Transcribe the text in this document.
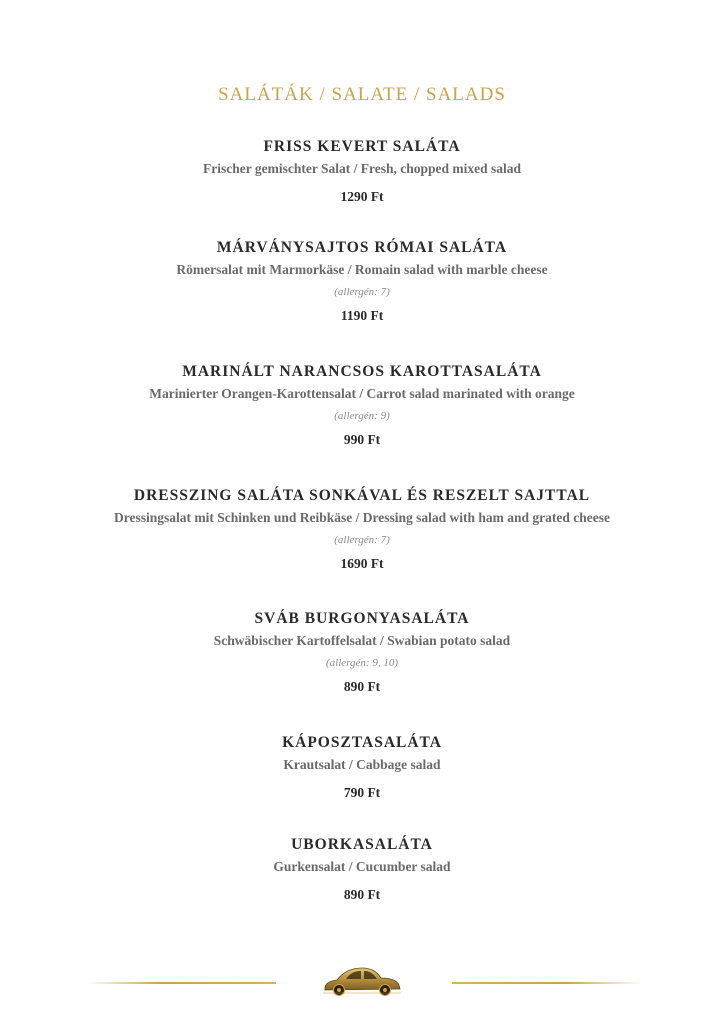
SALÁTÁK / SALATE / SALADS
FRISS KEVERT SALÁTA
Frischer gemischter Salat / Fresh, chopped mixed salad
1290 Ft
MÁRVÁNYSAJTOS RÓMAI SALÁTA
Römersalat mit Marmorkäse / Romain salad with marble cheese
(allergén: 7)
1190 Ft
MARINÁLT NARANCSOS KAROTTASALÁTA
Marinierter Orangen-Karottensalat / Carrot salad marinated with orange
(allergén: 9)
990 Ft
DRESSZING SALÁTA SONKÁVAL ÉS RESZELT SAJTTAL
Dressingsalat mit Schinken und Reibkäse / Dressing salad with ham and grated cheese
(allergén: 7)
1690 Ft
SVÁB BURGONYASALÁTA
Schwäbischer Kartoffelsalat / Swabian potato salad
(allergén: 9, 10)
890 Ft
KÁPOSZTASALÁTA
Krautsalat / Cabbage salad
790 Ft
UBORKASALÁTA
Gurkensalat / Cucumber salad
890 Ft
